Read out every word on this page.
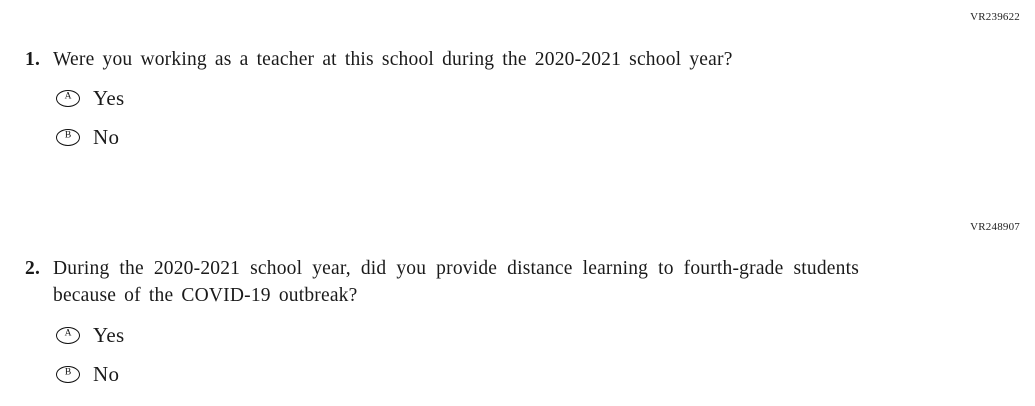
VR239622
1. Were you working as a teacher at this school during the 2020-2021 school year?
A Yes
B No
VR248907
2. During the 2020-2021 school year, did you provide distance learning to fourth-grade students
because of the COVID-19 outbreak?
A Yes
B No
